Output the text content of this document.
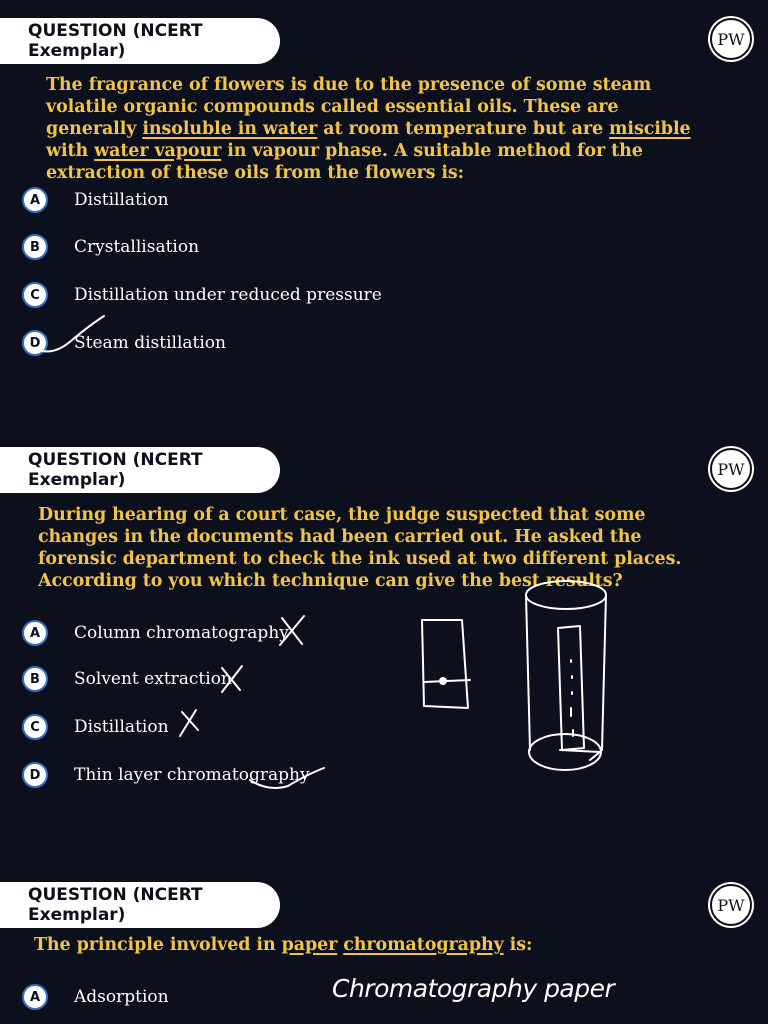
QUESTION (NCERT Exemplar)
PW
The fragrance of flowers is due to the presence of some steam volatile organic compounds called essential oils. These are generally insoluble in water at room temperature but are miscible with water vapour in vapour phase. A suitable method for the extraction of these oils from the flowers is:
A	Distillation
B	Crystallisation
C	Distillation under reduced pressure
D	Steam distillation
QUESTION (NCERT Exemplar)
PW
During hearing of a court case, the judge suspected that some changes in the documents had been carried out. He asked the forensic department to check the ink used at two different places. According to you which technique can give the best results?
A	Column chromatography
B	Solvent extraction
C	Distillation
D	Thin layer chromatography
QUESTION (NCERT Exemplar)	PW
The principle involved in paper chromatography is:
A	Adsorption	Chromatography paper
